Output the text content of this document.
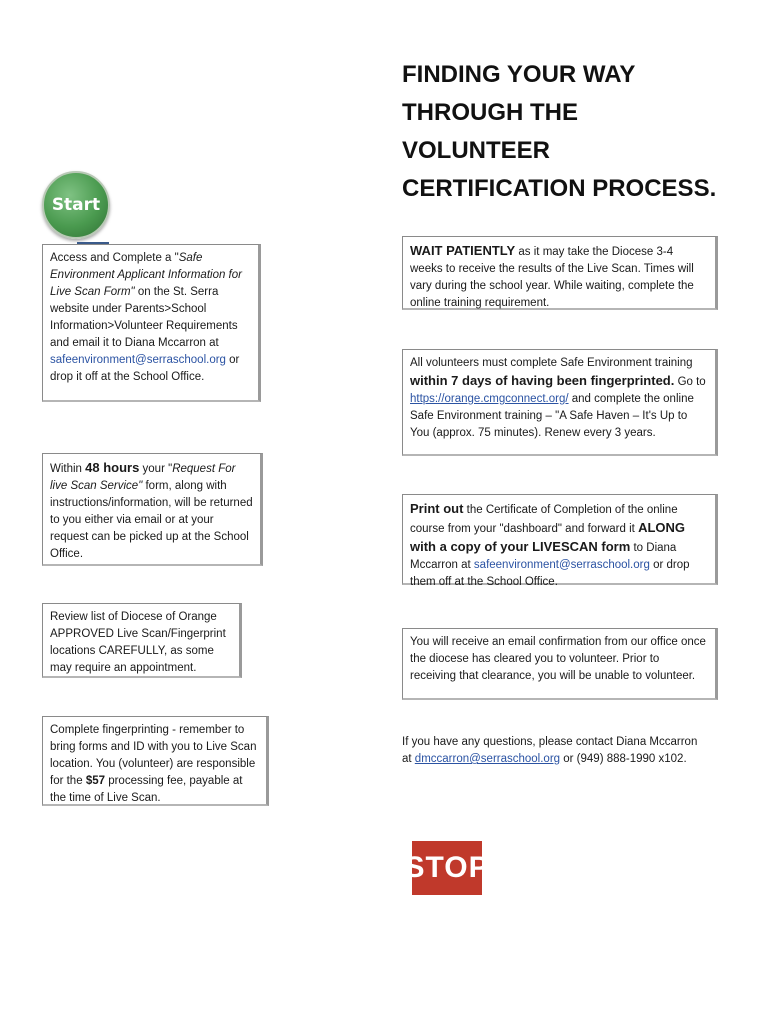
FINDING YOUR WAY
THROUGH THE
VOLUNTEER
CERTIFICATION PROCESS.
Start
Access and Complete a "Safe Environment Applicant Information for Live Scan Form" on the St. Serra website under Parents>School Information>Volunteer Requirements and email it to Diana Mccarron at safeenvironment@serraschool.org or drop it off at the School Office.
Within 48 hours your "Request For live Scan Service" form, along with instructions/information, will be returned to you either via email or at your request can be picked up at the School Office.
Review list of Diocese of Orange APPROVED Live Scan/Fingerprint locations CAREFULLY, as some may require an appointment.
Complete fingerprinting - remember to bring forms and ID with you to Live Scan location. You (volunteer) are responsible for the $57 processing fee, payable at the time of Live Scan.
WAIT PATIENTLY as it may take the Diocese 3-4 weeks to receive the results of the Live Scan. Times will vary during the school year. While waiting, complete the online training requirement.
All volunteers must complete Safe Environment training within 7 days of having been fingerprinted. Go to https://orange.cmgconnect.org/ and complete the online Safe Environment training – "A Safe Haven – It's Up to You (approx. 75 minutes). Renew every 3 years.
Print out the Certificate of Completion of the online course from your "dashboard" and forward it ALONG with a copy of your LIVESCAN form to Diana Mccarron at safeenvironment@serraschool.org or drop them off at the School Office.
You will receive an email confirmation from our office once the diocese has cleared you to volunteer. Prior to receiving that clearance, you will be unable to volunteer.
If you have any questions, please contact Diana Mccarron at dmccarron@serraschool.org or (949) 888-1990 x102.
STOP
